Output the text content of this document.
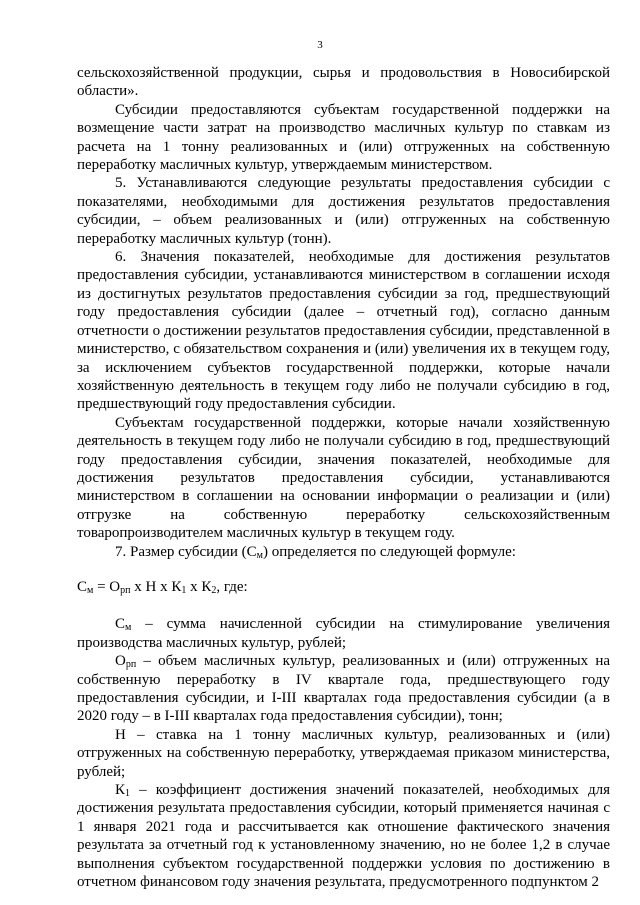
3

сельскохозяйственной продукции, сырья и продовольствия в Новосибирской области».

Субсидии предоставляются субъектам государственной поддержки на возмещение части затрат на производство масличных культур по ставкам из расчета на 1 тонну реализованных и (или) отгруженных на собственную переработку масличных культур, утверждаемым министерством.

5. Устанавливаются следующие результаты предоставления субсидии с показателями, необходимыми для достижения результатов предоставления субсидии, – объем реализованных и (или) отгруженных на собственную переработку масличных культур (тонн).

6. Значения показателей, необходимые для достижения результатов предоставления субсидии, устанавливаются министерством в соглашении исходя из достигнутых результатов предоставления субсидии за год, предшествующий году предоставления субсидии (далее – отчетный год), согласно данным отчетности о достижении результатов предоставления субсидии, представленной в министерство, с обязательством сохранения и (или) увеличения их в текущем году, за исключением субъектов государственной поддержки, которые начали хозяйственную деятельность в текущем году либо не получали субсидию в год, предшествующий году предоставления субсидии.

Субъектам государственной поддержки, которые начали хозяйственную деятельность в текущем году либо не получали субсидию в год, предшествующий году предоставления субсидии, значения показателей, необходимые для достижения результатов предоставления субсидии, устанавливаются министерством в соглашении на основании информации о реализации и (или) отгрузке на собственную переработку сельскохозяйственным товаропроизводителем масличных культур в текущем году.

7. Размер субсидии $(С_м)$ определяется по следующей формуле:

$С_м = О_{рп}$ х Н х $К_1$ х $К_2$, где:

$С_м$ – сумма начисленной субсидии на стимулирование увеличения производства масличных культур, рублей;

$О_{рп}$ – объем масличных культур, реализованных и (или) отгруженных на собственную переработку в IV квартале года, предшествующего году предоставления субсидии, и I-III кварталах года предоставления субсидии (а в 2020 году – в I-III кварталах года предоставления субсидии), тонн;

Н – ставка на 1 тонну масличных культур, реализованных и (или) отгруженных на собственную переработку, утверждаемая приказом министерства, рублей;

$К_1$ – коэффициент достижения значений показателей, необходимых для достижения результата предоставления субсидии, который применяется начиная с 1 января 2021 года и рассчитывается как отношение фактического значения результата за отчетный год к установленному значению, но не более 1,2 в случае выполнения субъектом государственной поддержки условия по достижению в отчетном финансовом году значения результата, предусмотренного подпунктом 2
